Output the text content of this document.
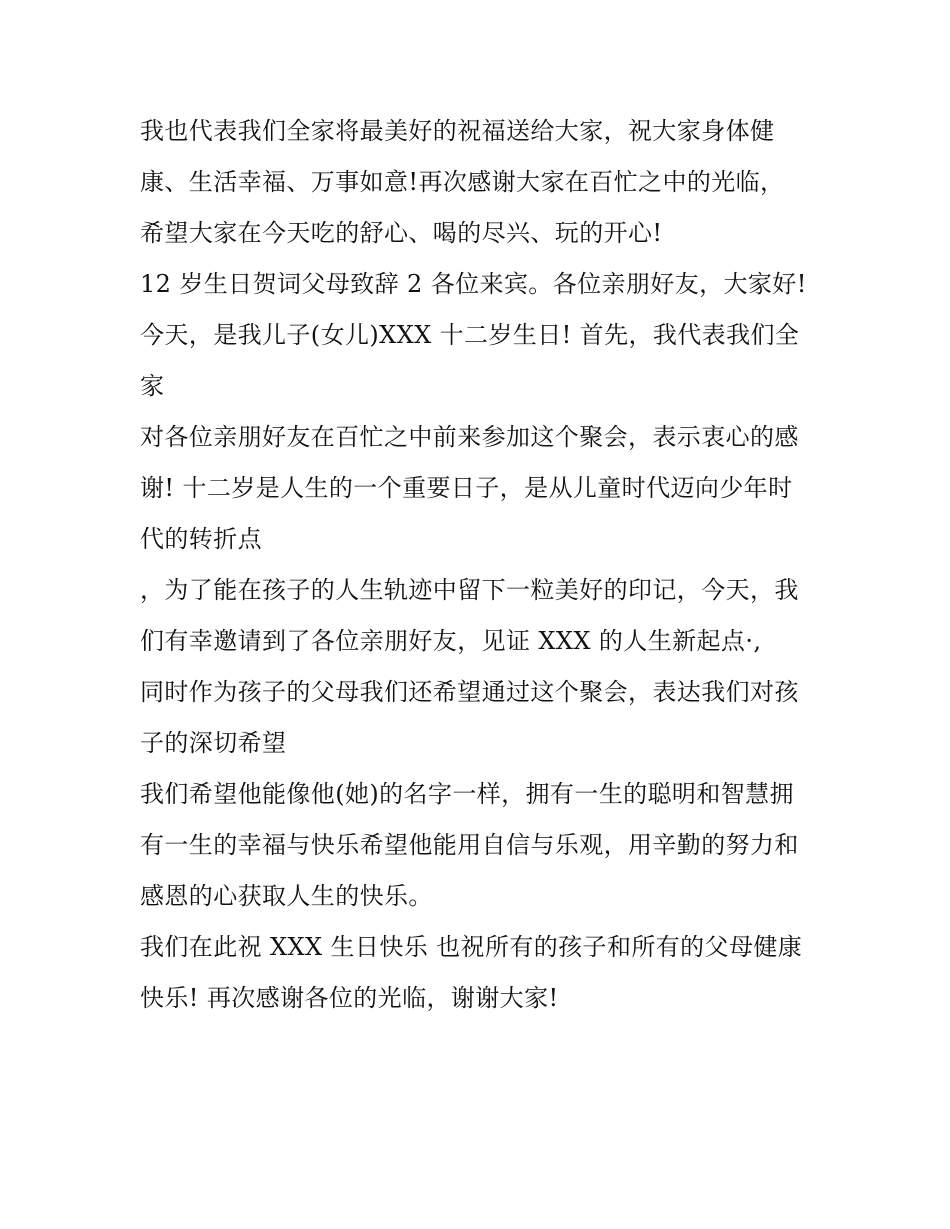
我也代表我们全家将最美好的祝福送给大家，祝大家身体健
康、生活幸福、万事如意!再次感谢大家在百忙之中的光临，
希望大家在今天吃的舒心、喝的尽兴、玩的开心!
12 岁生日贺词父母致辞 2 各位来宾。各位亲朋好友，大家好!
今天，是我儿子(女儿)XXX 十二岁生日! 首先，我代表我们全
家
对各位亲朋好友在百忙之中前来参加这个聚会，表示衷心的感
谢! 十二岁是人生的一个重要日子，是从儿童时代迈向少年时
代的转折点
，为了能在孩子的人生轨迹中留下一粒美好的印记，今天，我
们有幸邀请到了各位亲朋好友，见证 XXX 的人生新起点·,
同时作为孩子的父母我们还希望通过这个聚会，表达我们对孩
子的深切希望
我们希望他能像他(她)的名字一样，拥有一生的聪明和智慧拥
有一生的幸福与快乐希望他能用自信与乐观，用辛勤的努力和
感恩的心获取人生的快乐。
我们在此祝 XXX 生日快乐 也祝所有的孩子和所有的父母健康
快乐! 再次感谢各位的光临，谢谢大家!
